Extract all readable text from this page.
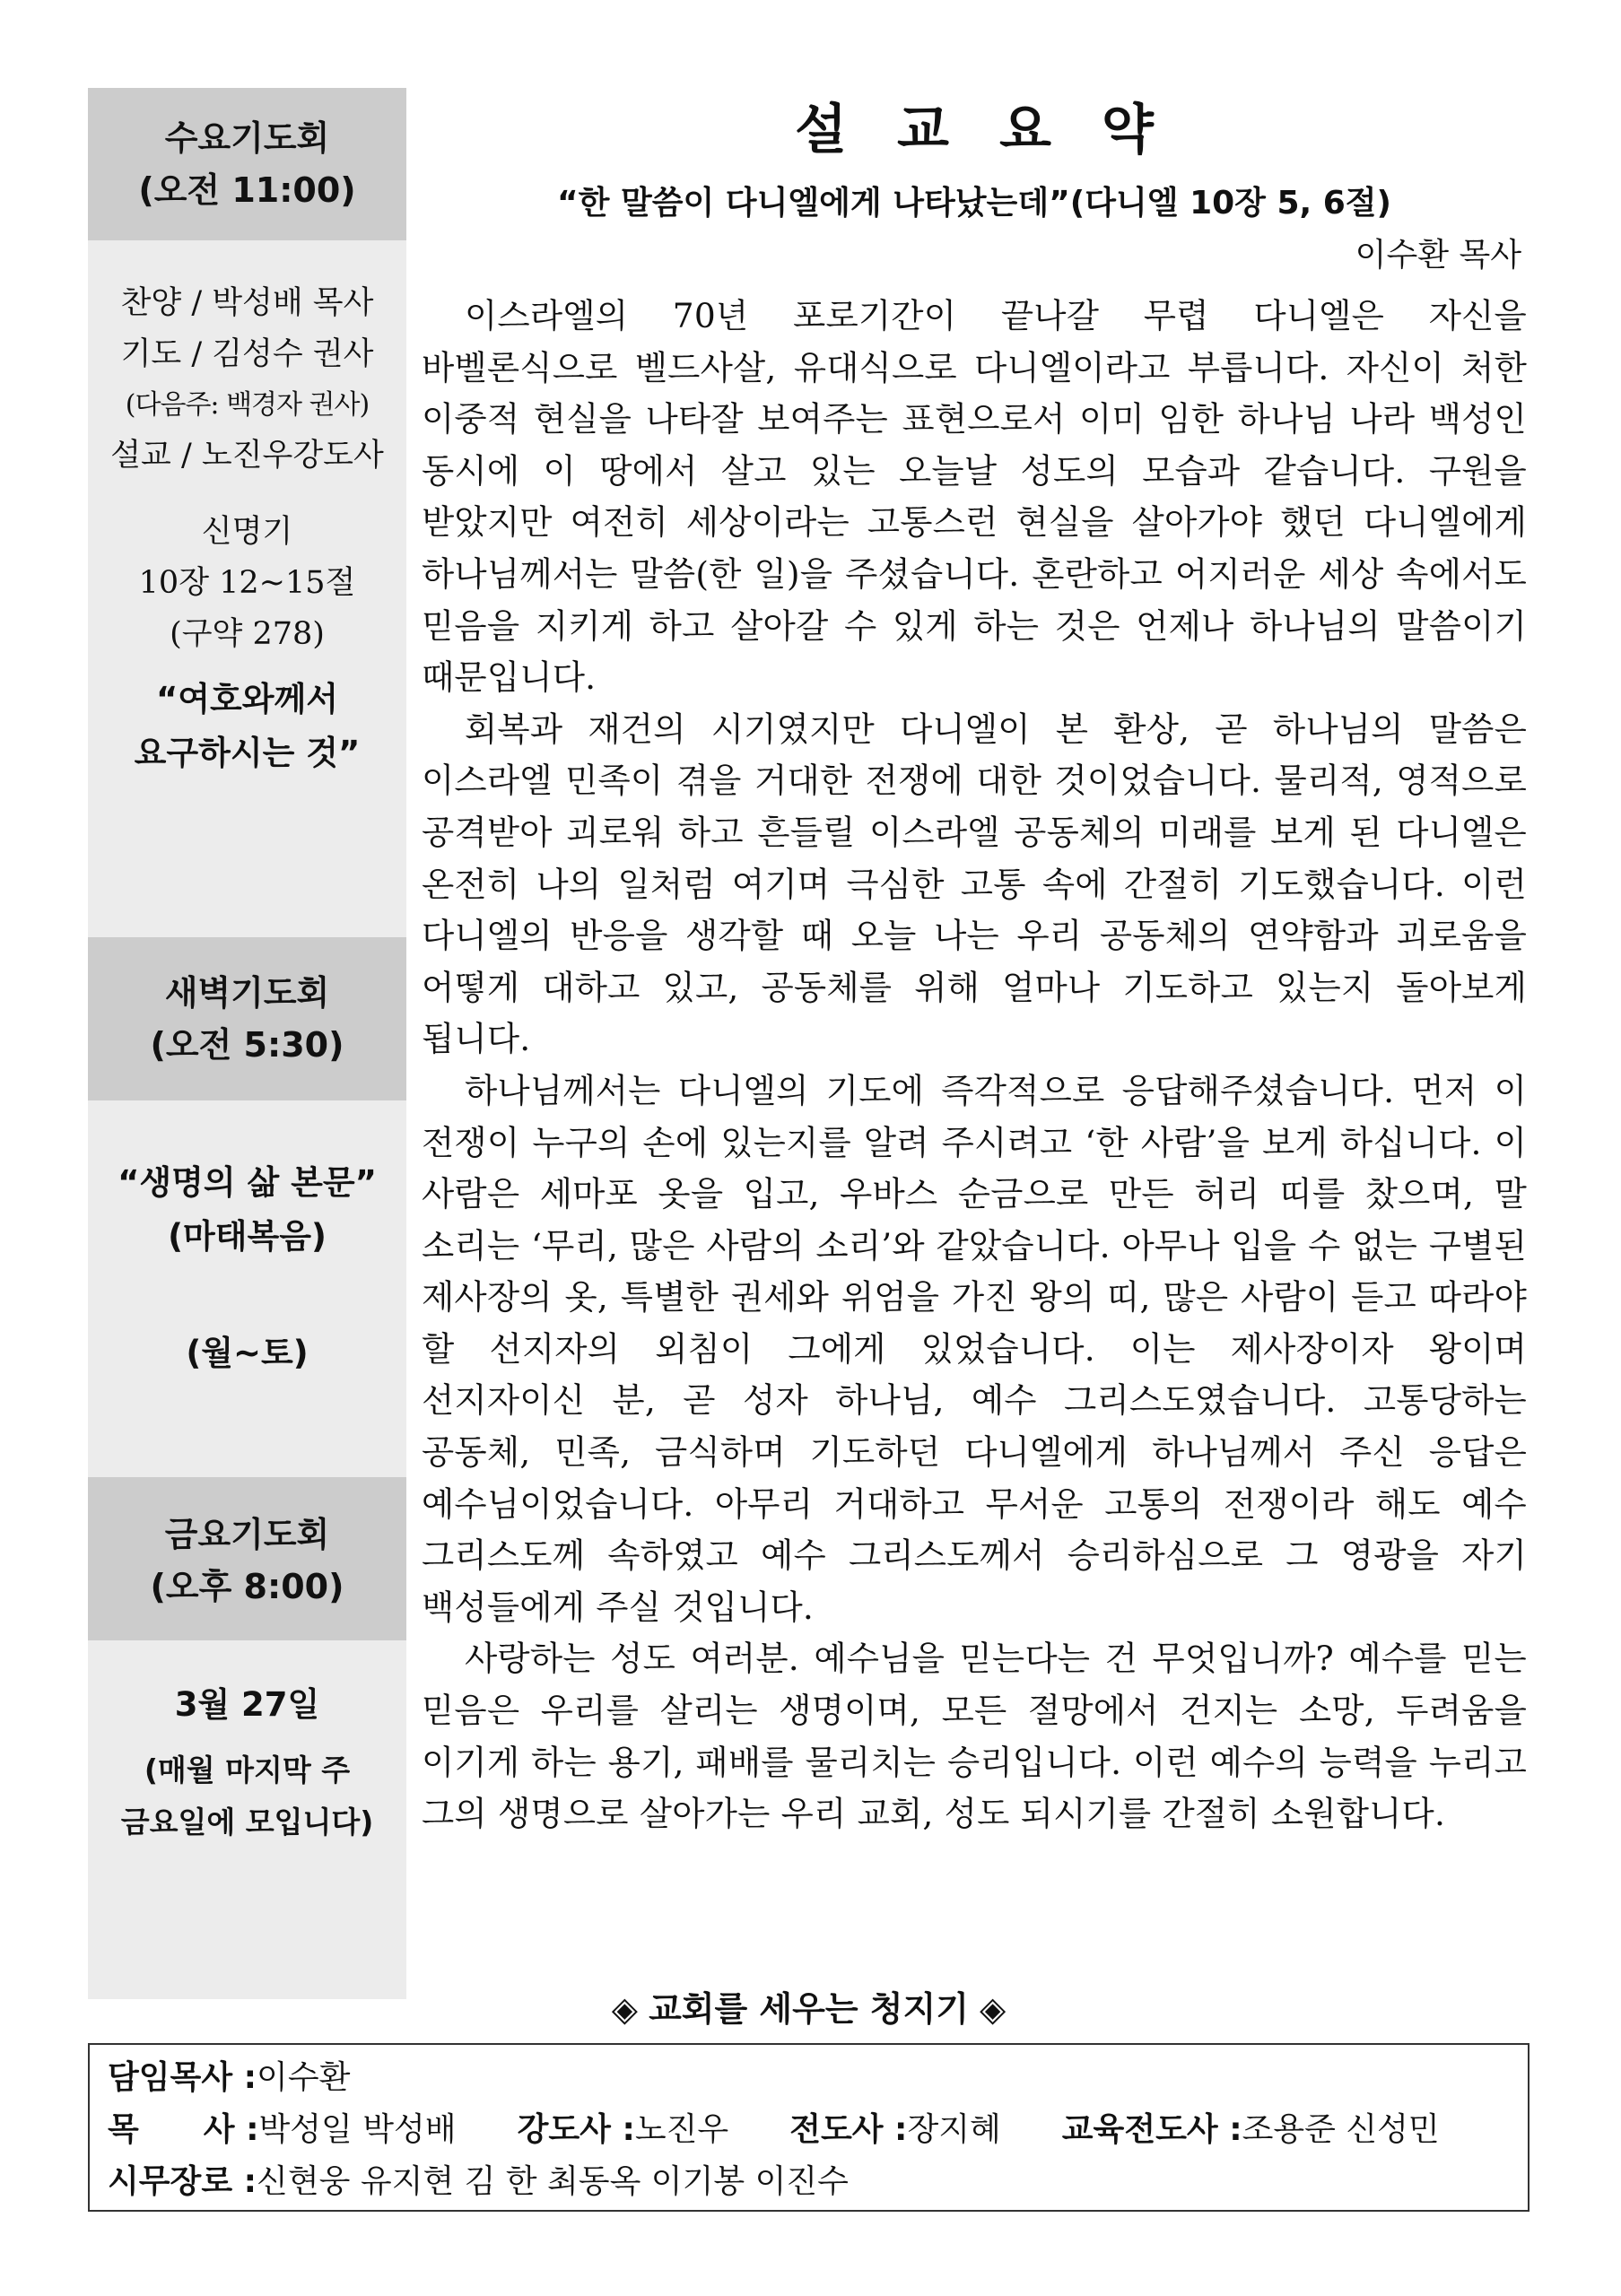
수요기도회
(오전 11:00)
찬양 / 박성배 목사
기도 / 김성수 권사
(다음주: 백경자 권사)
설교 / 노진우강도사
신명기
10장 12~15절
(구약 278)
“여호와께서
요구하시는 것”
새벽기도회
(오전 5:30)
“생명의 삶 본문”
(마태복음)
(월~토)
금요기도회
(오후 8:00)
3월 27일
(매월 마지막 주
금요일에 모입니다)
설교요약
“한 말씀이 다니엘에게 나타났는데”(다니엘 10장 5, 6절)
이수환 목사

이스라엘의 70년 포로기간이 끝나갈 무렵 다니엘은 자신을 바벨론식으로 벨드사살, 유대식으로 다니엘이라고 부릅니다. 자신이 처한 이중적 현실을 나타잘 보여주는 표현으로서 이미 임한 하나님 나라 백성인 동시에 이 땅에서 살고 있는 오늘날 성도의 모습과 같습니다. 구원을 받았지만 여전히 세상이라는 고통스런 현실을 살아가야 했던 다니엘에게 하나님께서는 말씀(한 일)을 주셨습니다. 혼란하고 어지러운 세상 속에서도 믿음을 지키게 하고 살아갈 수 있게 하는 것은 언제나 하나님의 말씀이기 때문입니다.

회복과 재건의 시기였지만 다니엘이 본 환상, 곧 하나님의 말씀은 이스라엘 민족이 겪을 거대한 전쟁에 대한 것이었습니다. 물리적, 영적으로 공격받아 괴로워 하고 흔들릴 이스라엘 공동체의 미래를 보게 된 다니엘은 온전히 나의 일처럼 여기며 극심한 고통 속에 간절히 기도했습니다. 이런 다니엘의 반응을 생각할 때 오늘 나는 우리 공동체의 연약함과 괴로움을 어떻게 대하고 있고, 공동체를 위해 얼마나 기도하고 있는지 돌아보게 됩니다.

하나님께서는 다니엘의 기도에 즉각적으로 응답해주셨습니다. 먼저 이 전쟁이 누구의 손에 있는지를 알려 주시려고 ‘한 사람’을 보게 하십니다. 이 사람은 세마포 옷을 입고, 우바스 순금으로 만든 허리 띠를 찼으며, 말 소리는 ‘무리, 많은 사람의 소리’와 같았습니다. 아무나 입을 수 없는 구별된 제사장의 옷, 특별한 권세와 위엄을 가진 왕의 띠, 많은 사람이 듣고 따라야 할 선지자의 외침이 그에게 있었습니다. 이는 제사장이자 왕이며 선지자이신 분, 곧 성자 하나님, 예수 그리스도였습니다. 고통당하는 공동체, 민족, 금식하며 기도하던 다니엘에게 하나님께서 주신 응답은 예수님이었습니다. 아무리 거대하고 무서운 고통의 전쟁이라 해도 예수 그리스도께 속하였고 예수 그리스도께서 승리하심으로 그 영광을 자기 백성들에게 주실 것입니다.

사랑하는 성도 여러분. 예수님을 믿는다는 건 무엇입니까? 예수를 믿는 믿음은 우리를 살리는 생명이며, 모든 절망에서 건지는 소망, 두려움을 이기게 하는 용기, 패배를 물리치는 승리입니다. 이런 예수의 능력을 누리고 그의 생명으로 살아가는 우리 교회, 성도 되시기를 간절히 소원합니다.

◈ 교회를 세우는 청지기 ◈
담임목사 :이수환
목　　사 :박성일 박성배 강도사 :노진우 전도사 :장지혜 교육전도사 :조용준 신성민
시무장로 :신현웅 유지현 김 한 최동옥 이기봉 이진수
